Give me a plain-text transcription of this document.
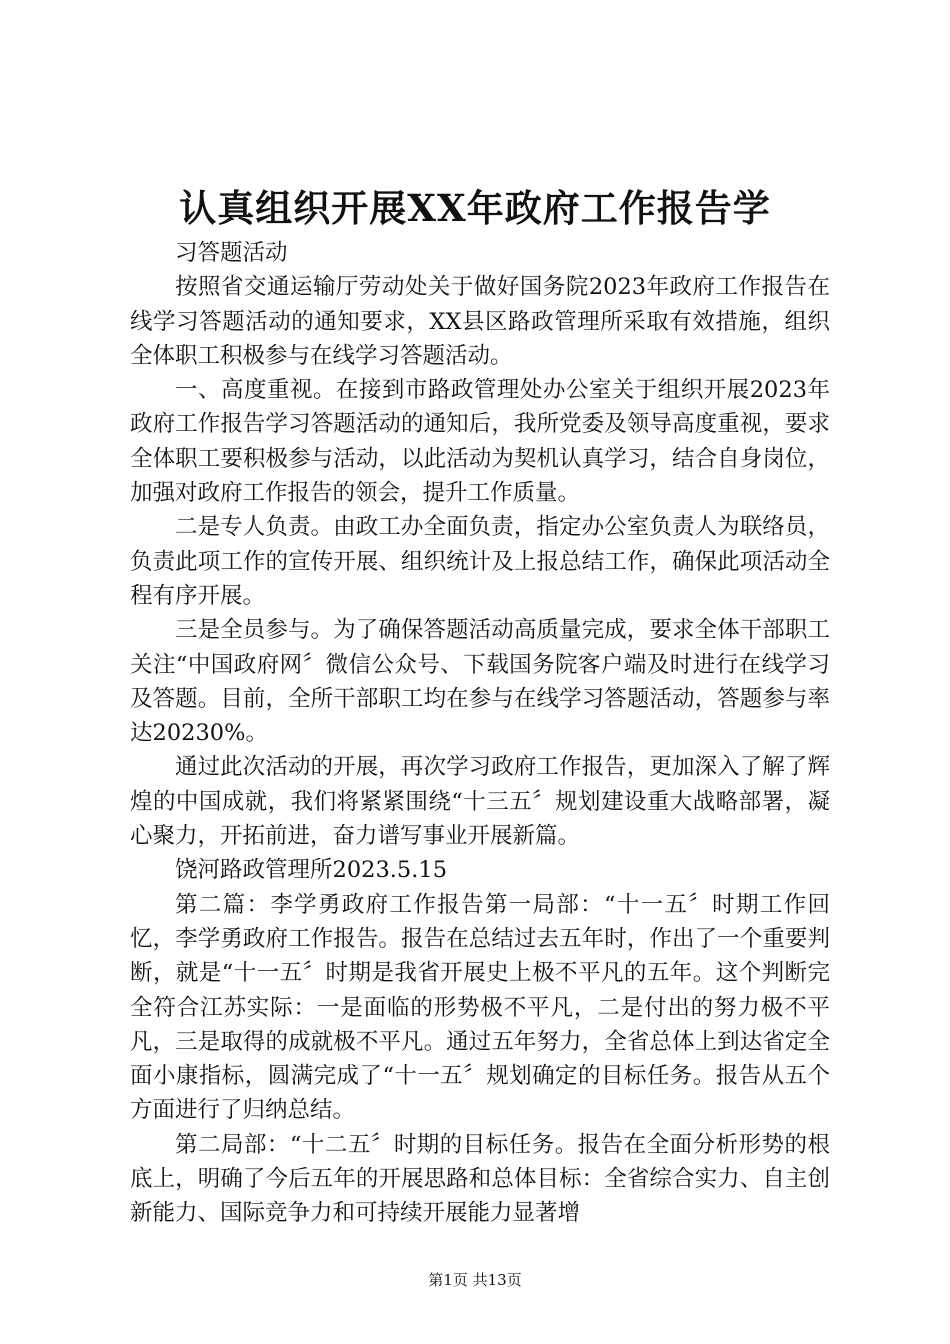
认真组织开展XX年政府工作报告学

习答题活动

按照省交通运输厅劳动处关于做好国务院2023年政府工作报告在线学习答题活动的通知要求，XX县区路政管理所采取有效措施，组织全体职工积极参与在线学习答题活动。

一、高度重视。在接到市路政管理处办公室关于组织开展2023年政府工作报告学习答题活动的通知后，我所党委及领导高度重视，要求全体职工要积极参与活动，以此活动为契机认真学习，结合自身岗位，加强对政府工作报告的领会，提升工作质量。

二是专人负责。由政工办全面负责，指定办公室负责人为联络员，负责此项工作的宣传开展、组织统计及上报总结工作，确保此项活动全程有序开展。

三是全员参与。为了确保答题活动高质量完成，要求全体干部职工关注“中国政府网〞微信公众号、下载国务院客户端及时进行在线学习及答题。目前，全所干部职工均在参与在线学习答题活动，答题参与率达20230%。

通过此次活动的开展，再次学习政府工作报告，更加深入了解了辉煌的中国成就，我们将紧紧围绕“十三五〞规划建设重大战略部署，凝心聚力，开拓前进，奋力谱写事业开展新篇。

饶河路政管理所2023.5.15

第二篇：李学勇政府工作报告第一局部：“十一五〞时期工作回忆，李学勇政府工作报告。报告在总结过去五年时，作出了一个重要判断，就是“十一五〞时期是我省开展史上极不平凡的五年。这个判断完全符合江苏实际：一是面临的形势极不平凡，二是付出的努力极不平凡，三是取得的成就极不平凡。通过五年努力，全省总体上到达省定全面小康指标，圆满完成了“十一五〞规划确定的目标任务。报告从五个方面进行了归纳总结。

第二局部：“十二五〞时期的目标任务。报告在全面分析形势的根底上，明确了今后五年的开展思路和总体目标：全省综合实力、自主创新能力、国际竞争力和可持续开展能力显著增

第1页 共13页
